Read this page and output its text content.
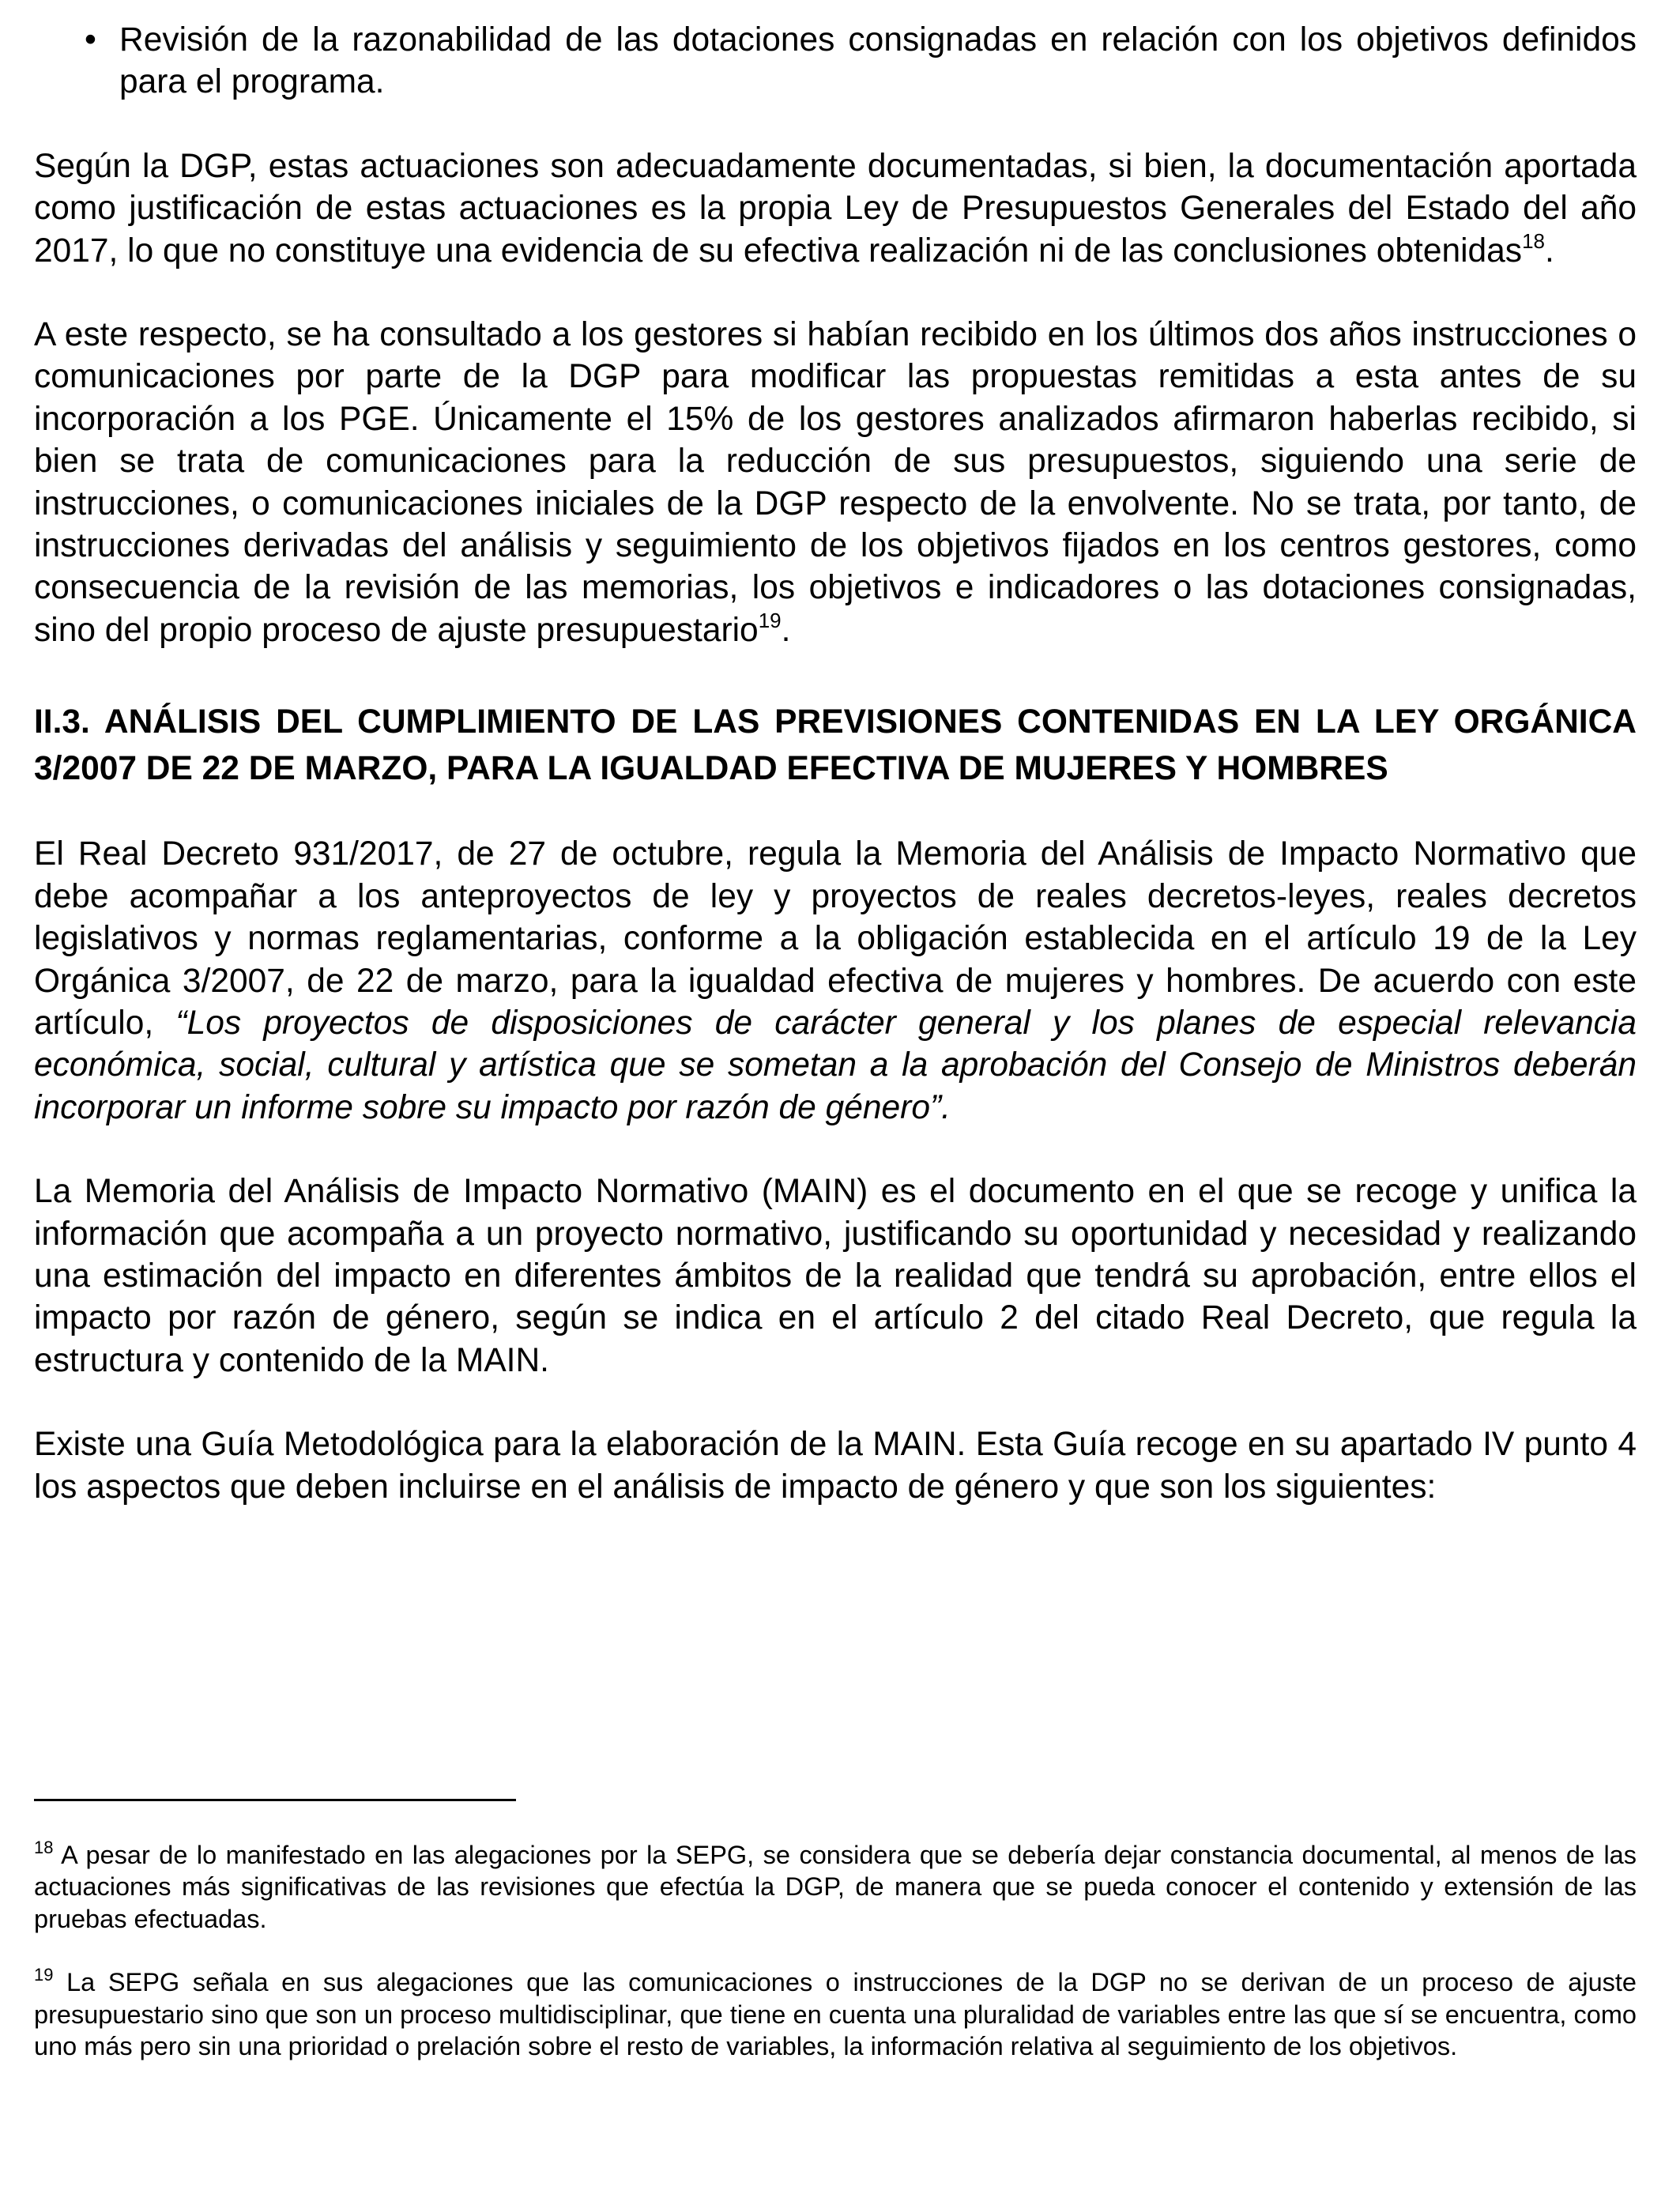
• Revisión de la razonabilidad de las dotaciones consignadas en relación con los objetivos definidos para el programa.

Según la DGP, estas actuaciones son adecuadamente documentadas, si bien, la documentación aportada como justificación de estas actuaciones es la propia Ley de Presupuestos Generales del Estado del año 2017, lo que no constituye una evidencia de su efectiva realización ni de las conclusiones obtenidas$^{18}$.

A este respecto, se ha consultado a los gestores si habían recibido en los últimos dos años instrucciones o comunicaciones por parte de la DGP para modificar las propuestas remitidas a esta antes de su incorporación a los PGE. Únicamente el 15% de los gestores analizados afirmaron haberlas recibido, si bien se trata de comunicaciones para la reducción de sus presupuestos, siguiendo una serie de instrucciones, o comunicaciones iniciales de la DGP respecto de la envolvente. No se trata, por tanto, de instrucciones derivadas del análisis y seguimiento de los objetivos fijados en los centros gestores, como consecuencia de la revisión de las memorias, los objetivos e indicadores o las dotaciones consignadas, sino del propio proceso de ajuste presupuestario$^{19}$.

II.3. ANÁLISIS DEL CUMPLIMIENTO DE LAS PREVISIONES CONTENIDAS EN LA LEY ORGÁNICA 3/2007 DE 22 DE MARZO, PARA LA IGUALDAD EFECTIVA DE MUJERES Y HOMBRES

El Real Decreto 931/2017, de 27 de octubre, regula la Memoria del Análisis de Impacto Normativo que debe acompañar a los anteproyectos de ley y proyectos de reales decretos-leyes, reales decretos legislativos y normas reglamentarias, conforme a la obligación establecida en el artículo 19 de la Ley Orgánica 3/2007, de 22 de marzo, para la igualdad efectiva de mujeres y hombres. De acuerdo con este artículo, “Los proyectos de disposiciones de carácter general y los planes de especial relevancia económica, social, cultural y artística que se sometan a la aprobación del Consejo de Ministros deberán incorporar un informe sobre su impacto por razón de género”.

La Memoria del Análisis de Impacto Normativo (MAIN) es el documento en el que se recoge y unifica la información que acompaña a un proyecto normativo, justificando su oportunidad y necesidad y realizando una estimación del impacto en diferentes ámbitos de la realidad que tendrá su aprobación, entre ellos el impacto por razón de género, según se indica en el artículo 2 del citado Real Decreto, que regula la estructura y contenido de la MAIN.

Existe una Guía Metodológica para la elaboración de la MAIN. Esta Guía recoge en su apartado IV punto 4 los aspectos que deben incluirse en el análisis de impacto de género y que son los siguientes:

$^{18}$ A pesar de lo manifestado en las alegaciones por la SEPG, se considera que se debería dejar constancia documental, al menos de las actuaciones más significativas de las revisiones que efectúa la DGP, de manera que se pueda conocer el contenido y extensión de las pruebas efectuadas.

$^{19}$ La SEPG señala en sus alegaciones que las comunicaciones o instrucciones de la DGP no se derivan de un proceso de ajuste presupuestario sino que son un proceso multidisciplinar, que tiene en cuenta una pluralidad de variables entre las que sí se encuentra, como uno más pero sin una prioridad o prelación sobre el resto de variables, la información relativa al seguimiento de los objetivos.
